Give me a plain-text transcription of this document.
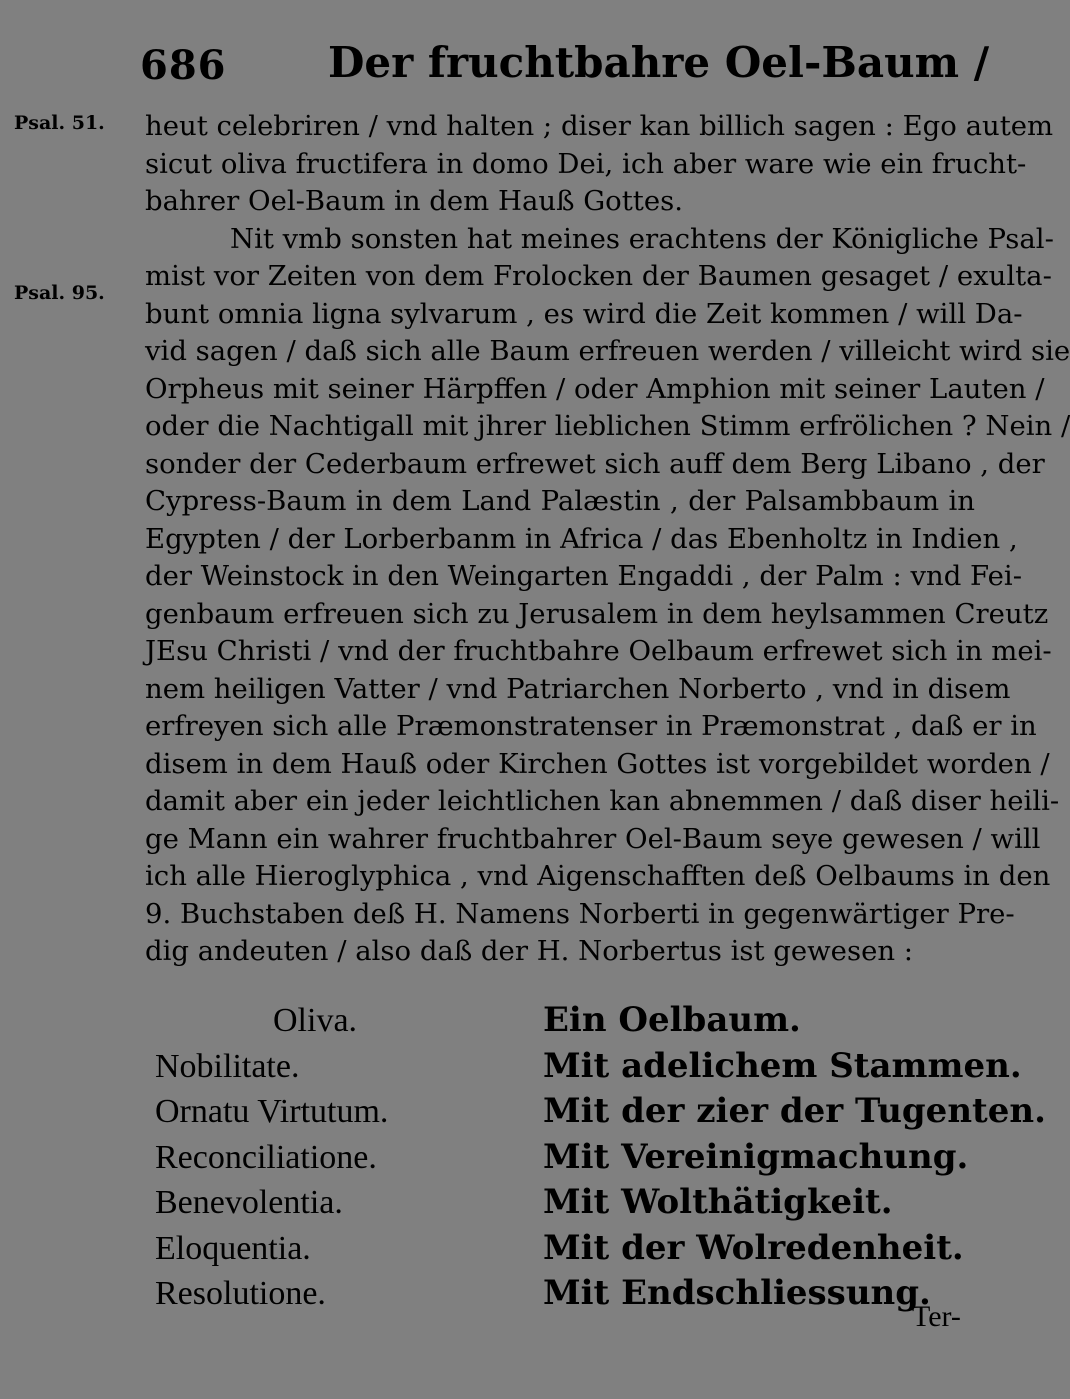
686 Der fruchtbahre Oel-Baum /
Psal. 51.
Psal. 95.
heut celebriren / vnd halten ; diser kan billich sagen : Ego autem
sicut oliva fructifera in domo Dei, ich aber ware wie ein frucht-
bahrer Oel-Baum in dem Hauß Gottes.
Nit vmb sonsten hat meines erachtens der Königliche Psal-
mist vor Zeiten von dem Frolocken der Baumen gesaget / exulta-
bunt omnia ligna sylvarum , es wird die Zeit kommen / will Da-
vid sagen / daß sich alle Baum erfreuen werden / villeicht wird sie
Orpheus mit seiner Härpffen / oder Amphion mit seiner Lauten /
oder die Nachtigall mit jhrer lieblichen Stimm erfrölichen ? Nein /
sonder der Cederbaum erfrewet sich auff dem Berg Libano , der
Cypress-Baum in dem Land Palæstin , der Palsambbaum in
Egypten / der Lorberbanm in Africa / das Ebenholtz in Indien ,
der Weinstock in den Weingarten Engaddi , der Palm : vnd Fei-
genbaum erfreuen sich zu Jerusalem in dem heylsammen Creutz
JEsu Christi / vnd der fruchtbahre Oelbaum erfrewet sich in mei-
nem heiligen Vatter / vnd Patriarchen Norberto , vnd in disem
erfreyen sich alle Præmonstratenser in Præmonstrat , daß er in
disem in dem Hauß oder Kirchen Gottes ist vorgebildet worden /
damit aber ein jeder leichtlichen kan abnemmen / daß diser heili-
ge Mann ein wahrer fruchtbahrer Oel-Baum seye gewesen / will
ich alle Hieroglyphica , vnd Aigenschafften deß Oelbaums in den
9. Buchstaben deß H. Namens Norberti in gegenwärtiger Pre-
dig andeuten / also daß der H. Norbertus ist gewesen :
Oliva.	Ein Oelbaum.
Nobilitate.	Mit adelichem Stammen.
Ornatu Virtutum.	Mit der zier der Tugenten.
Reconciliatione.	Mit Vereinigmachung.
Benevolentia.	Mit Wolthätigkeit.
Eloquentia.	Mit der Wolredenheit.
Resolutione.	Mit Endschliessung.
Ter-
